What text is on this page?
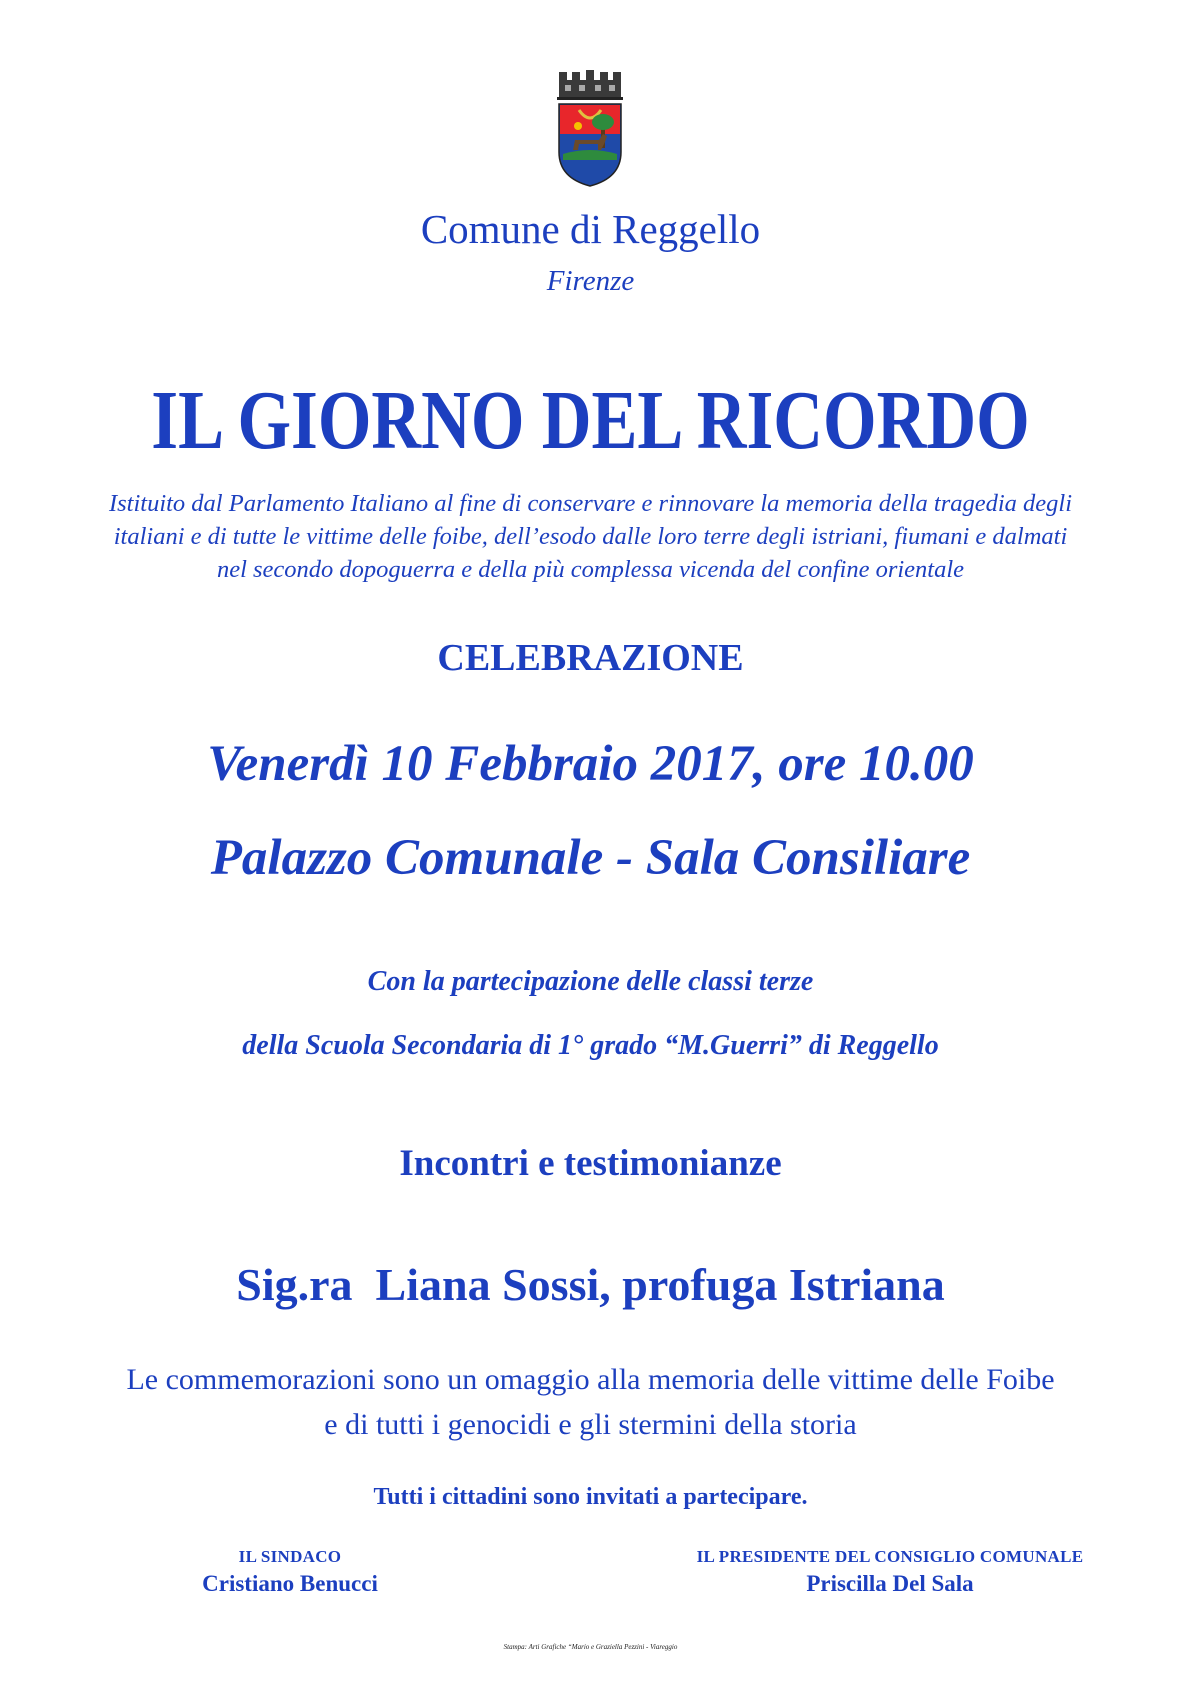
Comune di Reggello
Firenze
IL GIORNO DEL RICORDO
Istituito dal Parlamento Italiano al fine di conservare e rinnovare la memoria della tragedia degli
italiani e di tutte le vittime delle foibe, dell’esodo dalle loro terre degli istriani, fiumani e dalmati
nel secondo dopoguerra e della più complessa vicenda del confine orientale
CELEBRAZIONE
Venerdì 10 Febbraio 2017, ore 10.00
Palazzo Comunale - Sala Consiliare
Con la partecipazione delle classi terze
della Scuola Secondaria di 1° grado “M.Guerri” di Reggello
Incontri e testimonianze
Sig.ra  Liana Sossi, profuga Istriana
Le commemorazioni sono un omaggio alla memoria delle vittime delle Foibe
e di tutti i genocidi e gli stermini della storia
Tutti i cittadini sono invitati a partecipare.
IL SINDACO
Cristiano Benucci
IL PRESIDENTE DEL CONSIGLIO COMUNALE
Priscilla Del Sala
Stampa: Arti Grafiche “Mario e Graziella Pezzini - Viareggio
